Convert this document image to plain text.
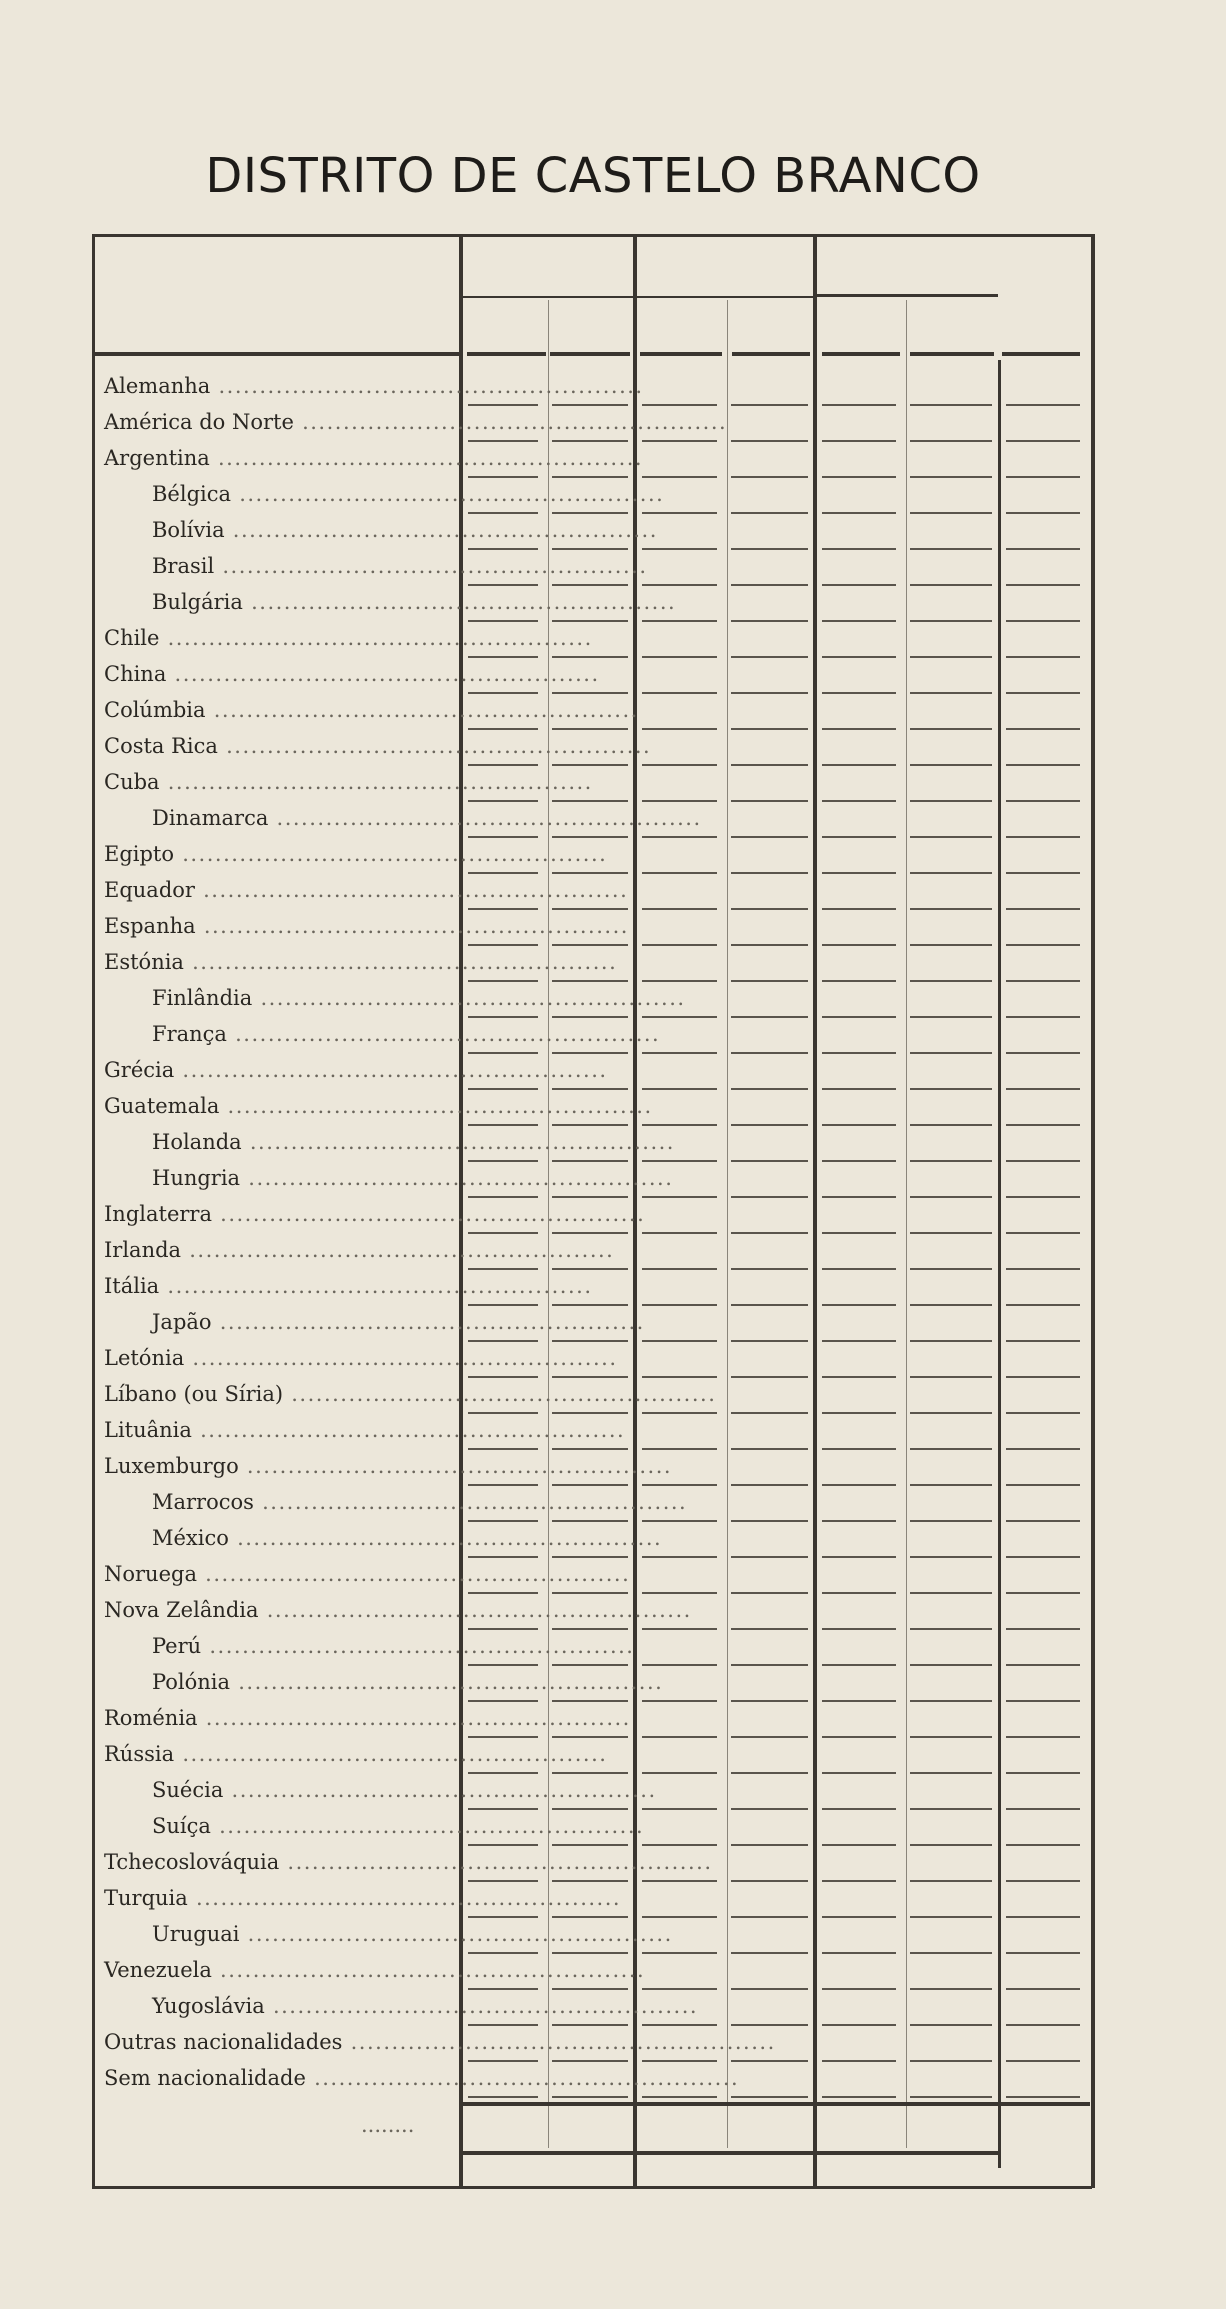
DISTRITO DE CASTELO BRANCO
Alemanha ....................................................
América do Norte ....................................................
Argentina ....................................................
Bélgica ....................................................
Bolívia ....................................................
Brasil ....................................................
Bulgária ....................................................
Chile ....................................................
China ....................................................
Colúmbia ....................................................
Costa Rica ....................................................
Cuba ....................................................
Dinamarca ....................................................
Egipto ....................................................
Equador ....................................................
Espanha ....................................................
Estónia ....................................................
Finlândia ....................................................
França ....................................................
Grécia ....................................................
Guatemala ....................................................
Holanda ....................................................
Hungria ....................................................
Inglaterra ....................................................
Irlanda ....................................................
Itália ....................................................
Japão ....................................................
Letónia ....................................................
Líbano (ou Síria) ....................................................
Lituânia ....................................................
Luxemburgo ....................................................
Marrocos ....................................................
México ....................................................
Noruega ....................................................
Nova Zelândia ....................................................
Perú ....................................................
Polónia ....................................................
Roménia ....................................................
Rússia ....................................................
Suécia ....................................................
Suíça ....................................................
Tchecoslováquia ....................................................
Turquia ....................................................
Uruguai ....................................................
Venezuela ....................................................
Yugoslávia ....................................................
Outras nacionalidades ....................................................
Sem nacionalidade ....................................................
........
